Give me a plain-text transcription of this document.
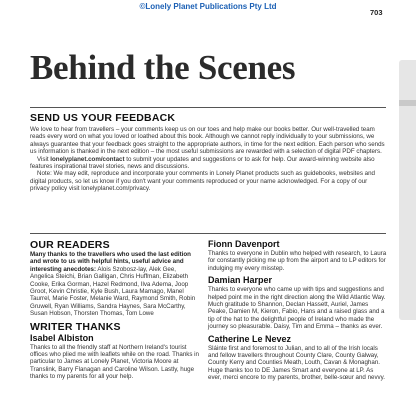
©Lonely Planet Publications Pty Ltd
703
Behind the Scenes
SEND US YOUR FEEDBACK

We love to hear from travellers – your comments keep us on our toes and help make our books better. Our well-travelled team reads every word on what you loved or loathed about this book. Although we cannot reply individually to your submissions, we always guarantee that your feedback goes straight to the appropriate authors, in time for the next edition. Each person who sends us information is thanked in the next edition – the most useful submissions are rewarded with a selection of digital PDF chapters.

Visit lonelyplanet.com/contact to submit your updates and suggestions or to ask for help. Our award-winning website also features inspirational travel stories, news and discussions.

Note: We may edit, reproduce and incorporate your comments in Lonely Planet products such as guidebooks, websites and digital products, so let us know if you don't want your comments reproduced or your name acknowledged. For a copy of our privacy policy visit lonelyplanet.com/privacy.

OUR READERS

Many thanks to the travellers who used the last edition and wrote to us with helpful hints, useful advice and interesting anecdotes: Alois Szobosz-lay, Alek Gee, Angelica Steichi, Brian Galligan, Chris Huffman, Elizabeth Cooke, Erika Gorman, Hazel Redmond, Ilva Adema, Joop Groot, Kevin Christie, Kyle Bush, Laura Mamago, Manel Taurrel, Marie Foster, Melanie Ward, Raymond Smith, Robin Gruwell, Ryan Williams, Sandra Haynes, Sara McCarthy, Susan Hobson, Thorsten Thomas, Tom Lowe

WRITER THANKS
Isabel Albiston

Thanks to all the friendly staff at Northern Ireland's tourist offices who plied me with leaflets while on the road. Thanks in particular to James at Lonely Planet, Victoria Moore at Translink, Barry Flanagan and Caroline Wilson. Lastly, huge thanks to my parents for all your help.

Fionn Davenport

Thanks to everyone in Dublin who helped with research, to Laura for constantly picking me up from the airport and to LP editors for indulging my every misstep.

Damian Harper

Thanks to everyone who came up with tips and suggestions and helped point me in the right direction along the Wild Atlantic Way. Much gratitude to Shannon, Declan Hassett, Auriel, James Peake, Damien M, Kieron, Fabio, Hans and a raised glass and a tip of the hat to the delightful people of Ireland who made the journey so pleasurable. Daisy, Tim and Emma – thanks as ever.

Catherine Le Nevez

Sláinte first and foremost to Julian, and to all of the Irish locals and fellow travellers throughout County Clare, County Galway, County Kerry and Counties Meath, Louth, Cavan & Monaghan. Huge thanks too to DE James Smart and everyone at LP. As ever, merci encore to my parents, brother, belle-sœur and nevvy.
